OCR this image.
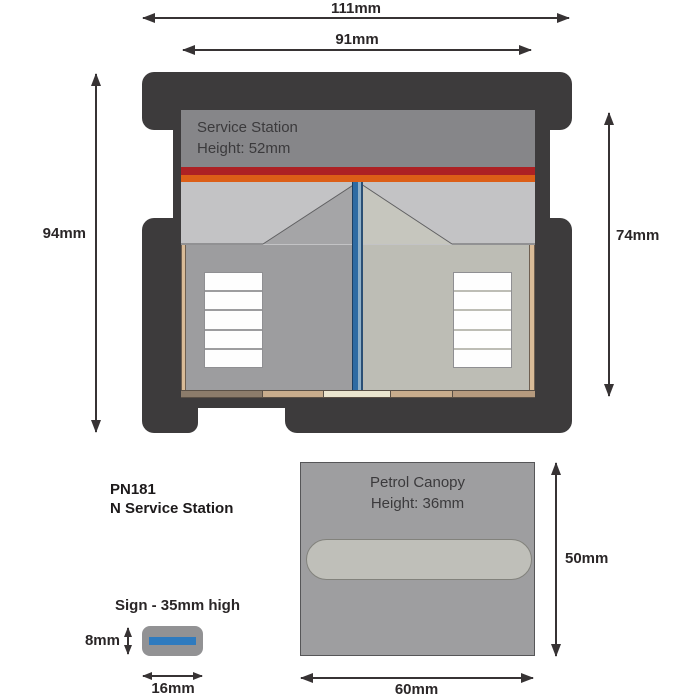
111mm
91mm
94mm	74mm
Service Station
Height: 52mm
PN181
N Service Station
Petrol Canopy
Height: 36mm
50mm
60mm
Sign - 35mm high
8mm
16mm
